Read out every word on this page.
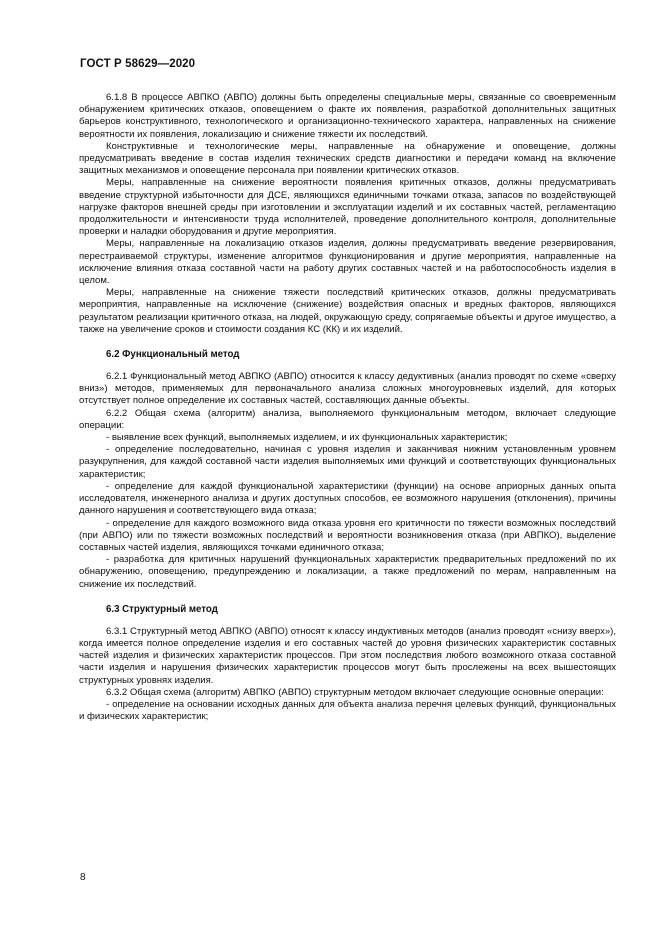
ГОСТ Р 58629—2020

6.1.8 В процессе АВПКО (АВПО) должны быть определены специальные меры, связанные со своевременным обнаружением критических отказов, оповещением о факте их появления, разработкой дополнительных защитных барьеров конструктивного, технологического и организационно-технического характера, направленных на снижение вероятности их появления, локализацию и снижение тяжести их последствий.

Конструктивные и технологические меры, направленные на обнаружение и оповещение, должны предусматривать введение в состав изделия технических средств диагностики и передачи команд на включение защитных механизмов и оповещение персонала при появлении критических отказов.

Меры, направленные на снижение вероятности появления критичных отказов, должны предусматривать введение структурной избыточности для ДСЕ, являющихся единичными точками отказа, запасов по воздействующей нагрузке факторов внешней среды при изготовлении и эксплуатации изделий и их составных частей, регламентацию продолжительности и интенсивности труда исполнителей, проведение дополнительного контроля, дополнительные проверки и наладки оборудования и другие мероприятия.

Меры, направленные на локализацию отказов изделия, должны предусматривать введение резервирования, перестраиваемой структуры, изменение алгоритмов функционирования и другие мероприятия, направленные на исключение влияния отказа составной части на работу других составных частей и на работоспособность изделия в целом.

Меры, направленные на снижение тяжести последствий критических отказов, должны предусматривать мероприятия, направленные на исключение (снижение) воздействия опасных и вредных факторов, являющихся результатом реализации критичного отказа, на людей, окружающую среду, сопрягаемые объекты и другое имущество, а также на увеличение сроков и стоимости создания КС (КК) и их изделий.

6.2 Функциональный метод

6.2.1 Функциональный метод АВПКО (АВПО) относится к классу дедуктивных (анализ проводят по схеме «сверху вниз») методов, применяемых для первоначального анализа сложных многоуровневых изделий, для которых отсутствует полное определение их составных частей, составляющих данные объекты.

6.2.2 Общая схема (алгоритм) анализа, выполняемого функциональным методом, включает следующие операции:

- выявление всех функций, выполняемых изделием, и их функциональных характеристик;

- определение последовательно, начиная с уровня изделия и заканчивая нижним установленным уровнем разукрупнения, для каждой составной части изделия выполняемых ими функций и соответствующих функциональных характеристик;

- определение для каждой функциональной характеристики (функции) на основе априорных данных опыта исследователя, инженерного анализа и других доступных способов, ее возможного нарушения (отклонения), причины данного нарушения и соответствующего вида отказа;

- определение для каждого возможного вида отказа уровня его критичности по тяжести возможных последствий (при АВПО) или по тяжести возможных последствий и вероятности возникновения отказа (при АВПКО), выделение составных частей изделия, являющихся точками единичного отказа;

- разработка для критичных нарушений функциональных характеристик предварительных предложений по их обнаружению, оповещению, предупреждению и локализации, а также предложений по мерам, направленным на снижение их последствий.

6.3 Структурный метод

6.3.1 Структурный метод АВПКО (АВПО) относят к классу индуктивных методов (анализ проводят «снизу вверх»), когда имеется полное определение изделия и его составных частей до уровня физических характеристик составных частей изделия и физических характеристик процессов. При этом последствия любого возможного отказа составной части изделия и нарушения физических характеристик процессов могут быть прослежены на всех вышестоящих структурных уровнях изделия.

6.3.2 Общая схема (алгоритм) АВПКО (АВПО) структурным методом включает следующие основные операции:

- определение на основании исходных данных для объекта анализа перечня целевых функций, функциональных и физических характеристик;

8
